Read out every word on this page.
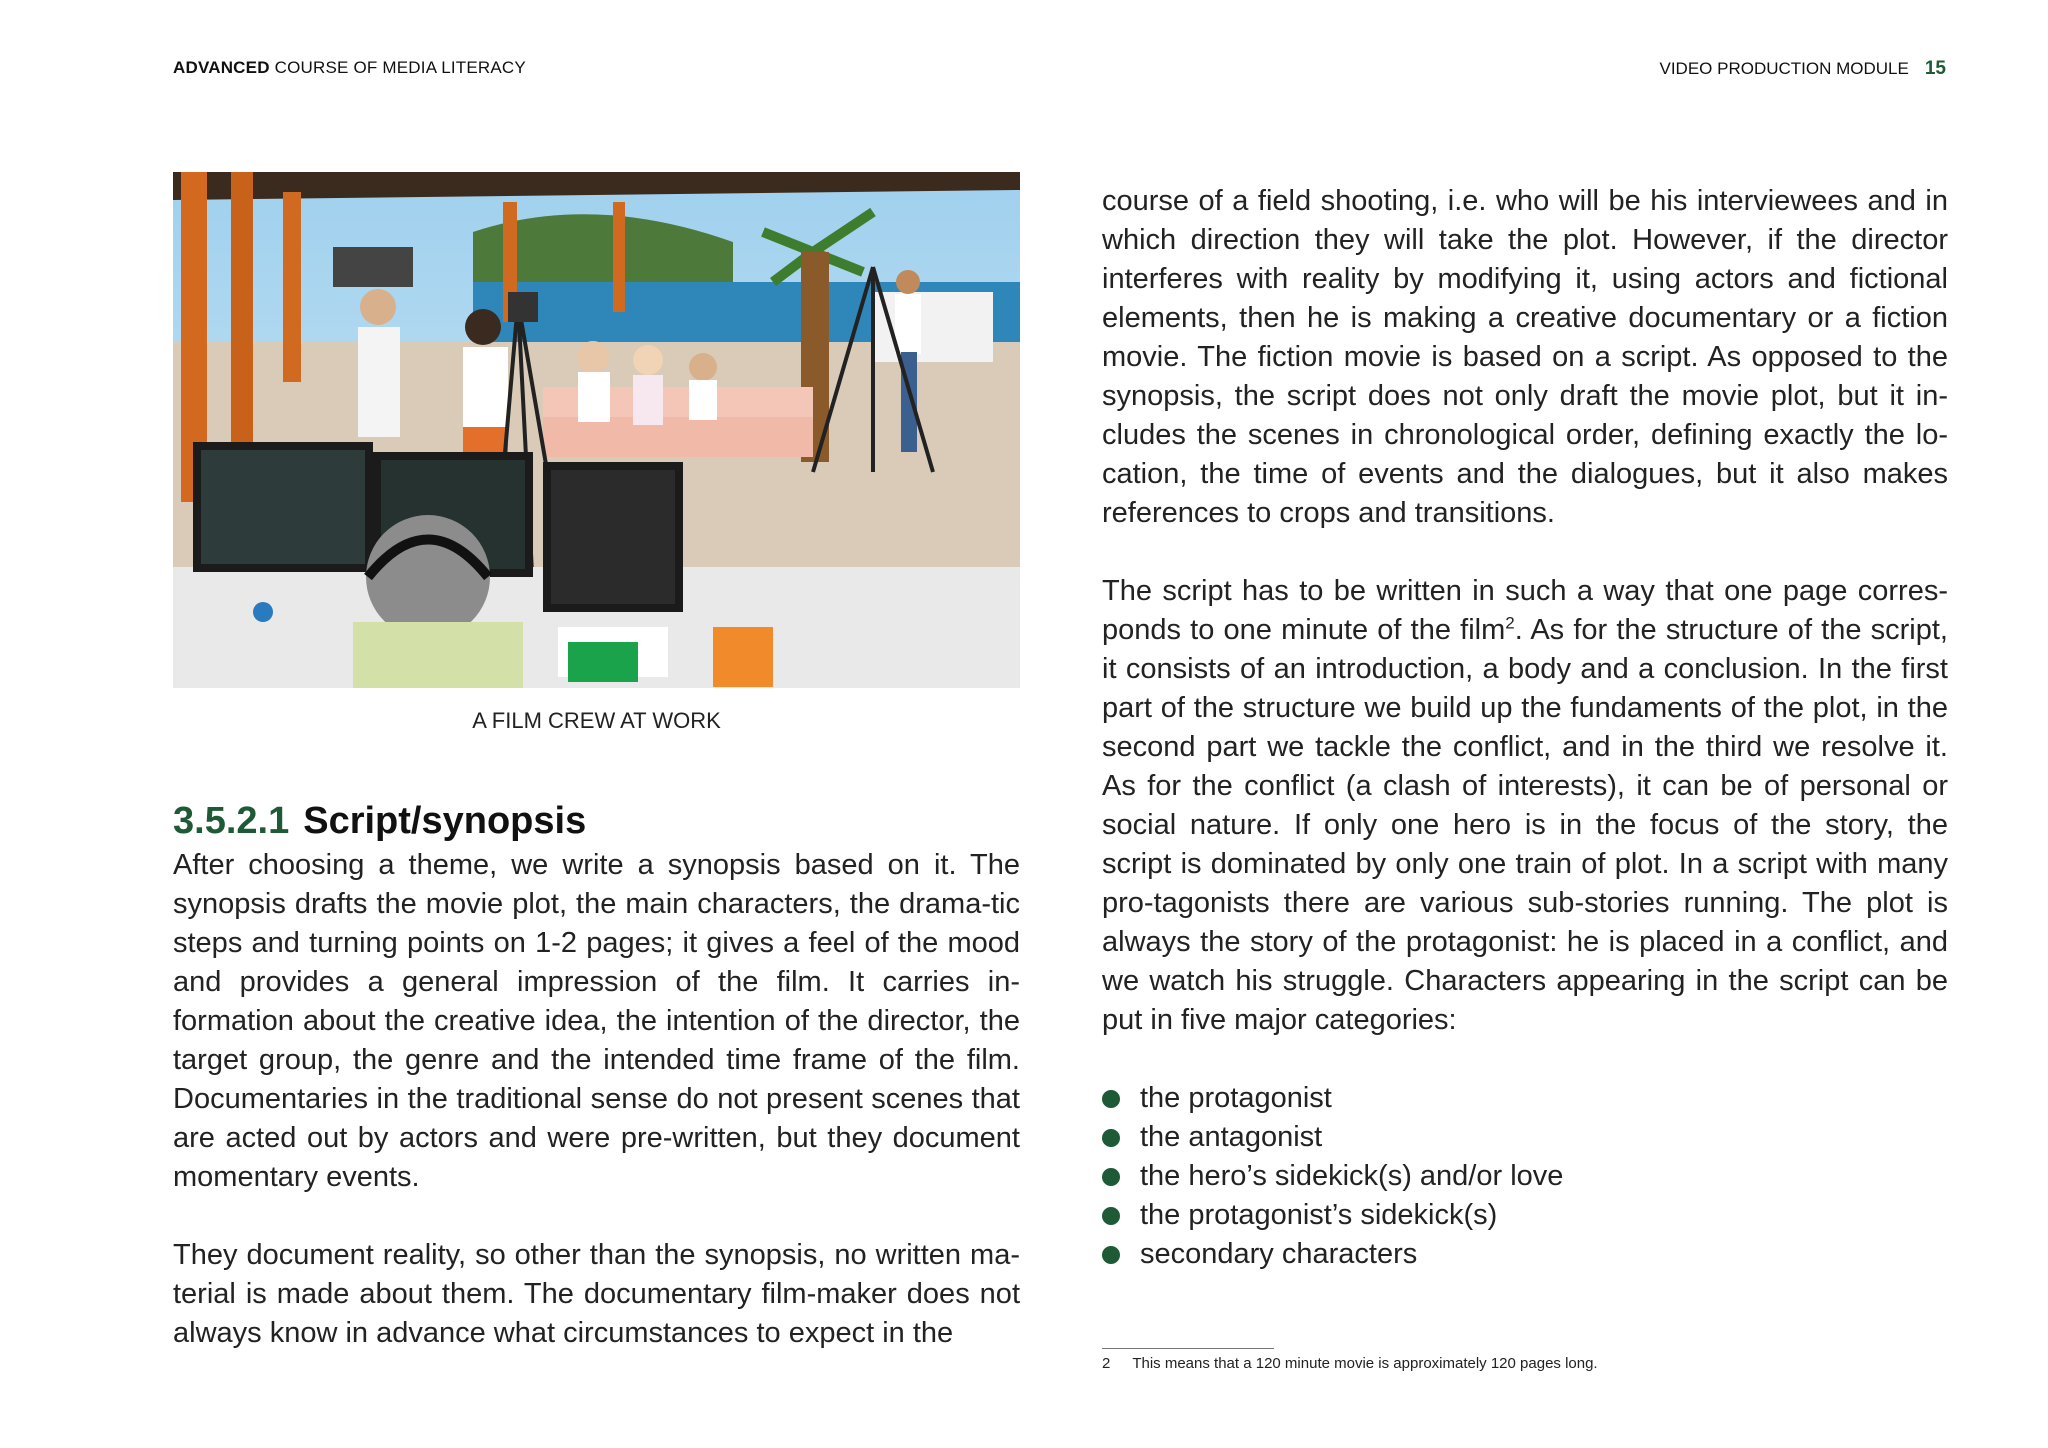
ADVANCED COURSE OF MEDIA LITERACY	VIDEO PRODUCTION MODULE 15
A FILM CREW AT WORK
3.5.2.1 Script/synopsis

After choosing a theme, we write a synopsis based on it. The synopsis drafts the movie plot, the main characters, the drama-tic steps and turning points on 1-2 pages; it gives a feel of the mood and provides a general impression of the film. It carries in-formation about the creative idea, the intention of the director, the target group, the genre and the intended time frame of the film. Documentaries in the traditional sense do not present scenes that are acted out by actors and were pre-written, but they document momentary events.

They document reality, so other than the synopsis, no written ma-terial is made about them. The documentary film-maker does not always know in advance what circumstances to expect in the

course of a field shooting, i.e. who will be his interviewees and in which direction they will take the plot. However, if the director interferes with reality by modifying it, using actors and fictional elements, then he is making a creative documentary or a fiction movie. The fiction movie is based on a script. As opposed to the synopsis, the script does not only draft the movie plot, but it in-cludes the scenes in chronological order, defining exactly the lo-cation, the time of events and the dialogues, but it also makes references to crops and transitions.

The script has to be written in such a way that one page corres-ponds to one minute of the film$^2$. As for the structure of the script, it consists of an introduction, a body and a conclusion. In the first part of the structure we build up the fundaments of the plot, in the second part we tackle the conflict, and in the third we resolve it. As for the conflict (a clash of interests), it can be of personal or social nature. If only one hero is in the focus of the story, the script is dominated by only one train of plot. In a script with many pro-tagonists there are various sub-stories running. The plot is always the story of the protagonist: he is placed in a conflict, and we watch his struggle. Characters appearing in the script can be put in five major categories:

the protagonist
the antagonist
the hero’s sidekick(s) and/or love
the protagonist’s sidekick(s)
secondary characters
2 This means that a 120 minute movie is approximately 120 pages long.
